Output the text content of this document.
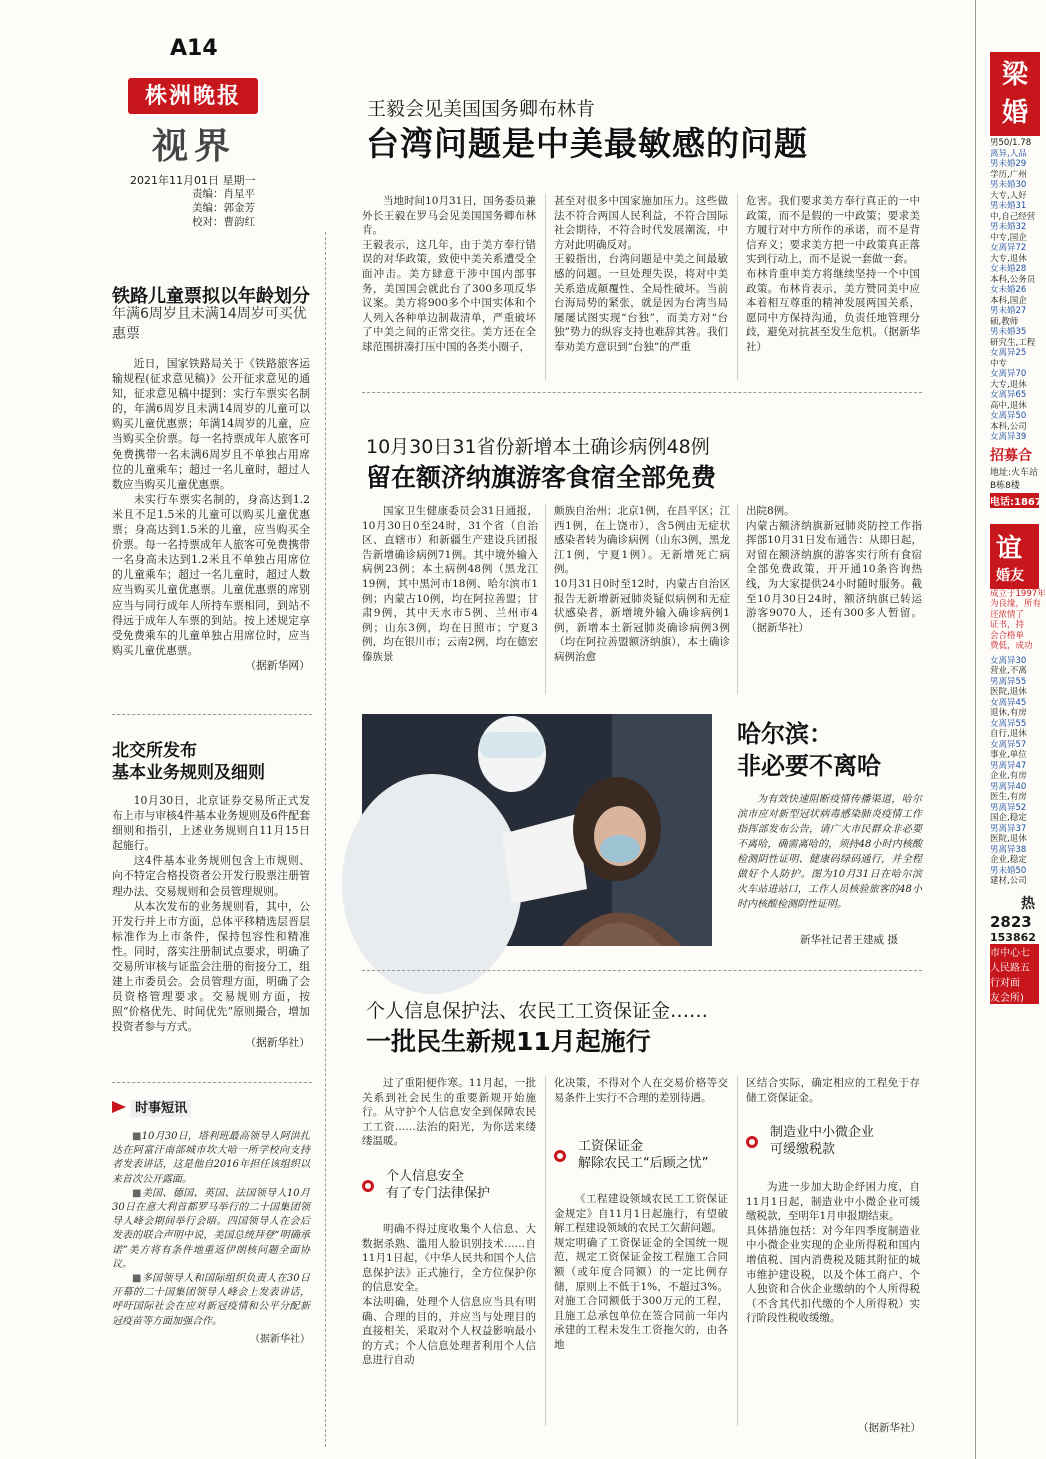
A14
株洲晚报
视界
2021年11月01日 星期一
责编：肖星平
美编：郭金芳
校对：曹韵红
铁路儿童票拟以年龄划分
年满6周岁且未满14周岁可买优惠票

近日，国家铁路局关于《铁路旅客运输规程(征求意见稿)》公开征求意见的通知，征求意见稿中提到：实行车票实名制的，年满6周岁且未满14周岁的儿童可以购买儿童优惠票；年满14周岁的儿童，应当购买全价票。每一名持票成年人旅客可免费携带一名未满6周岁且不单独占用席位的儿童乘车；超过一名儿童时，超过人数应当购买儿童优惠票。

未实行车票实名制的，身高达到1.2米且不足1.5米的儿童可以购买儿童优惠票；身高达到1.5米的儿童，应当购买全价票。每一名持票成年人旅客可免费携带一名身高未达到1.2米且不单独占用席位的儿童乘车；超过一名儿童时，超过人数应当购买儿童优惠票。儿童优惠票的席别应当与同行成年人所持车票相同，到站不得远于成年人车票的到站。按上述规定享受免费乘车的儿童单独占用席位时，应当购买儿童优惠票。

（据新华网）
北交所发布
基本业务规则及细则

10月30日，北京证券交易所正式发布上市与审核4件基本业务规则及6件配套细则和指引，上述业务规则自11月15日起施行。

这4件基本业务规则包含上市规则、向不特定合格投资者公开发行股票注册管理办法、交易规则和会员管理规则。

从本次发布的业务规则看，其中，公开发行并上市方面，总体平移精选层晋层标准作为上市条件，保持包容性和精准性。同时，落实注册制试点要求，明确了交易所审核与证监会注册的衔接分工，组建上市委员会。会员管理方面，明确了会员资格管理要求。交易规则方面，按照“价格优先、时间优先”原则撮合，增加投资者参与方式。

（据新华社）
时事短讯

■10月30日，塔利班最高领导人阿洪扎达在阿富汗南部城市坎大哈一所学校向支持者发表讲话，这是他自2016年担任该组织以来首次公开露面。

■美国、德国、英国、法国领导人10月30日在意大利首都罗马举行的二十国集团领导人峰会期间举行会晤。四国领导人在会后发表的联合声明中说，美国总统拜登“明确承诺”美方将有条件地重返伊朗核问题全面协议。

■多国领导人和国际组织负责人在30日开幕的二十国集团领导人峰会上发表讲话，呼吁国际社会在应对新冠疫情和公平分配新冠疫苗等方面加强合作。

（据新华社）
王毅会见美国国务卿布林肯
台湾问题是中美最敏感的问题
当地时间10月31日，国务委员兼外长王毅在罗马会见美国国务卿布林肯。
王毅表示，这几年，由于美方奉行错误的对华政策，致使中美关系遭受全面冲击。美方肆意干涉中国内部事务，美国国会就此台了300多项反华议案。美方将900多个中国实体和个人列入各种单边制裁清单，严重破坏了中美之间的正常交往。美方还在全球范围拼凑打压中国的各类小圈子，
甚至对很多中国家施加压力。这些做法不符合两国人民利益，不符合国际社会期待，不符合时代发展潮流，中方对此明确反对。
王毅指出，台湾问题是中美之间最敏感的问题。一旦处理失误，将对中美关系造成颠覆性、全局性破坏。当前台海局势的紧张，就是因为台湾当局屡屡试图实现“台独”，而美方对“台独”势力的纵容支持也难辞其咎。我们奉劝美方意识到“台独”的严重
危害。我们要求美方奉行真正的一中政策，而不是假的一中政策；要求美方履行对中方所作的承诺，而不是背信弃义；要求美方把一中政策真正落实到行动上，而不是说一套做一套。
布林肯重申美方将继续坚持一个中国政策。布林肯表示，美方赞同美中应本着相互尊重的精神发展两国关系，愿同中方保持沟通，负责任地管理分歧，避免对抗甚至发生危机。（据新华社）
10月30日31省份新增本土确诊病例48例
留在额济纳旗游客食宿全部免费
国家卫生健康委员会31日通报，10月30日0至24时，31个省（自治区、直辖市）和新疆生产建设兵团报告新增确诊病例71例。其中境外输入病例23例；本土病例48例（黑龙江19例，其中黑河市18例、哈尔滨市1例；内蒙古10例，均在阿拉善盟；甘肃9例，其中天水市5例、兰州市4例；山东3例，均在日照市；宁夏3例，均在银川市；云南2例，均在德宏傣族景
颇族自治州；北京1例，在昌平区；江西1例，在上饶市），含5例由无症状感染者转为确诊病例（山东3例，黑龙江1例，宁夏1例）。无新增死亡病例。
10月31日0时至12时，内蒙古自治区报告无新增新冠肺炎疑似病例和无症状感染者，新增境外输入确诊病例1例，新增本土新冠肺炎确诊病例3例（均在阿拉善盟额济纳旗），本土确诊病例治愈
出院8例。
内蒙古额济纳旗新冠肺炎防控工作指挥部10月31日发布通告：从即日起，对留在额济纳旗的游客实行所有食宿全部免费政策，开开通10条咨询热线，为大家提供24小时随时服务。截至10月30日24时，额济纳旗已转运游客9070人，还有300多人暂留。（据新华社）
哈尔滨：
非必要不离哈
为有效快速阻断疫情传播渠道，哈尔滨市应对新型冠状病毒感染肺炎疫情工作指挥部发布公告，请广大市民群众非必要不离哈，确需离哈的，须持48小时内核酸检测阴性证明、健康码绿码通行，并全程做好个人防护。图为10月31日在哈尔滨火车站进站口，工作人员核验旅客的48小时内核酸检测阴性证明。
新华社记者王建威 摄
个人信息保护法、农民工工资保证金……
一批民生新规11月起施行
过了重阳便作寒。11月起，一批关系到社会民生的重要新规开始施行。从守护个人信息安全到保障农民工工资……法治的阳光，为你送来缕缕温暖。
个人信息安全
有了专门法律保护
明确不得过度收集个人信息、大数据杀熟、滥用人脸识别技术……自11月1日起，《中华人民共和国个人信息保护法》正式施行，全方位保护你的信息安全。
本法明确，处理个人信息应当具有明确、合理的目的，并应当与处理目的直接相关，采取对个人权益影响最小的方式；个人信息处理者利用个人信息进行自动
化决策，不得对个人在交易价格等交易条件上实行不合理的差别待遇。
工资保证金
解除农民工“后顾之忧”
《工程建设领域农民工工资保证金规定》自11月1日起施行，有望破解工程建设领域的农民工欠薪问题。
规定明确了工资保证金的全国统一规范，规定工资保证金按工程施工合同额（或年度合同额）的一定比例存储，原则上不低于1%，不超过3%。对施工合同额低于300万元的工程，且施工总承包单位在签合同前一年内承建的工程未发生工资拖欠的，由各地
区结合实际，确定相应的工程免于存储工资保证金。
制造业中小微企业
可缓缴税款
为进一步加大助企纾困力度，自11月1日起，制造业中小微企业可缓缴税款，至明年1月申报期结束。
具体措施包括：对今年四季度制造业中小微企业实现的企业所得税和国内增值税、国内消费税及随其附征的城市维护建设税，以及个体工商户、个人独资和合伙企业缴纳的个人所得税（不含其代扣代缴的个人所得税）实行阶段性税收缓缴。
（据新华社）
梁 婚
男50/1.78
离异,人品
男未婚29
学历,广州
男未婚30
大专,人好
男未婚31
中,自己经营
男未婚32
中专,国企
女离异72
大专,退休
女未婚28
本科,公务员
女未婚26
本科,国企
男未婚27
硕,教师
男未婚35
研究生,工程
女离异25
中专
女离异70
大专,退休
女离异65
高中,退休
女离异50
本科,公司
女离异39
招募合
地址:火车站
B栋8楼
电话:1867
谊
婚友
成立于1997年
为良缘，所有
还浓情了
证书，持
会合格单
费低，成功
女离异30
营业,不离
男离异55
医院,退休
女离异45
退休,有房
女离异55
自行,退休
女离异57
事业,单位
男离异47
企业,有房
男离异40
医生,有房
男离异52
国企,稳定
男离异37
医院,退休
男离异38
企业,稳定
男未婚50
建材,公司
热
2823
153862
市中心七
人民路五
行对面
友会所)
